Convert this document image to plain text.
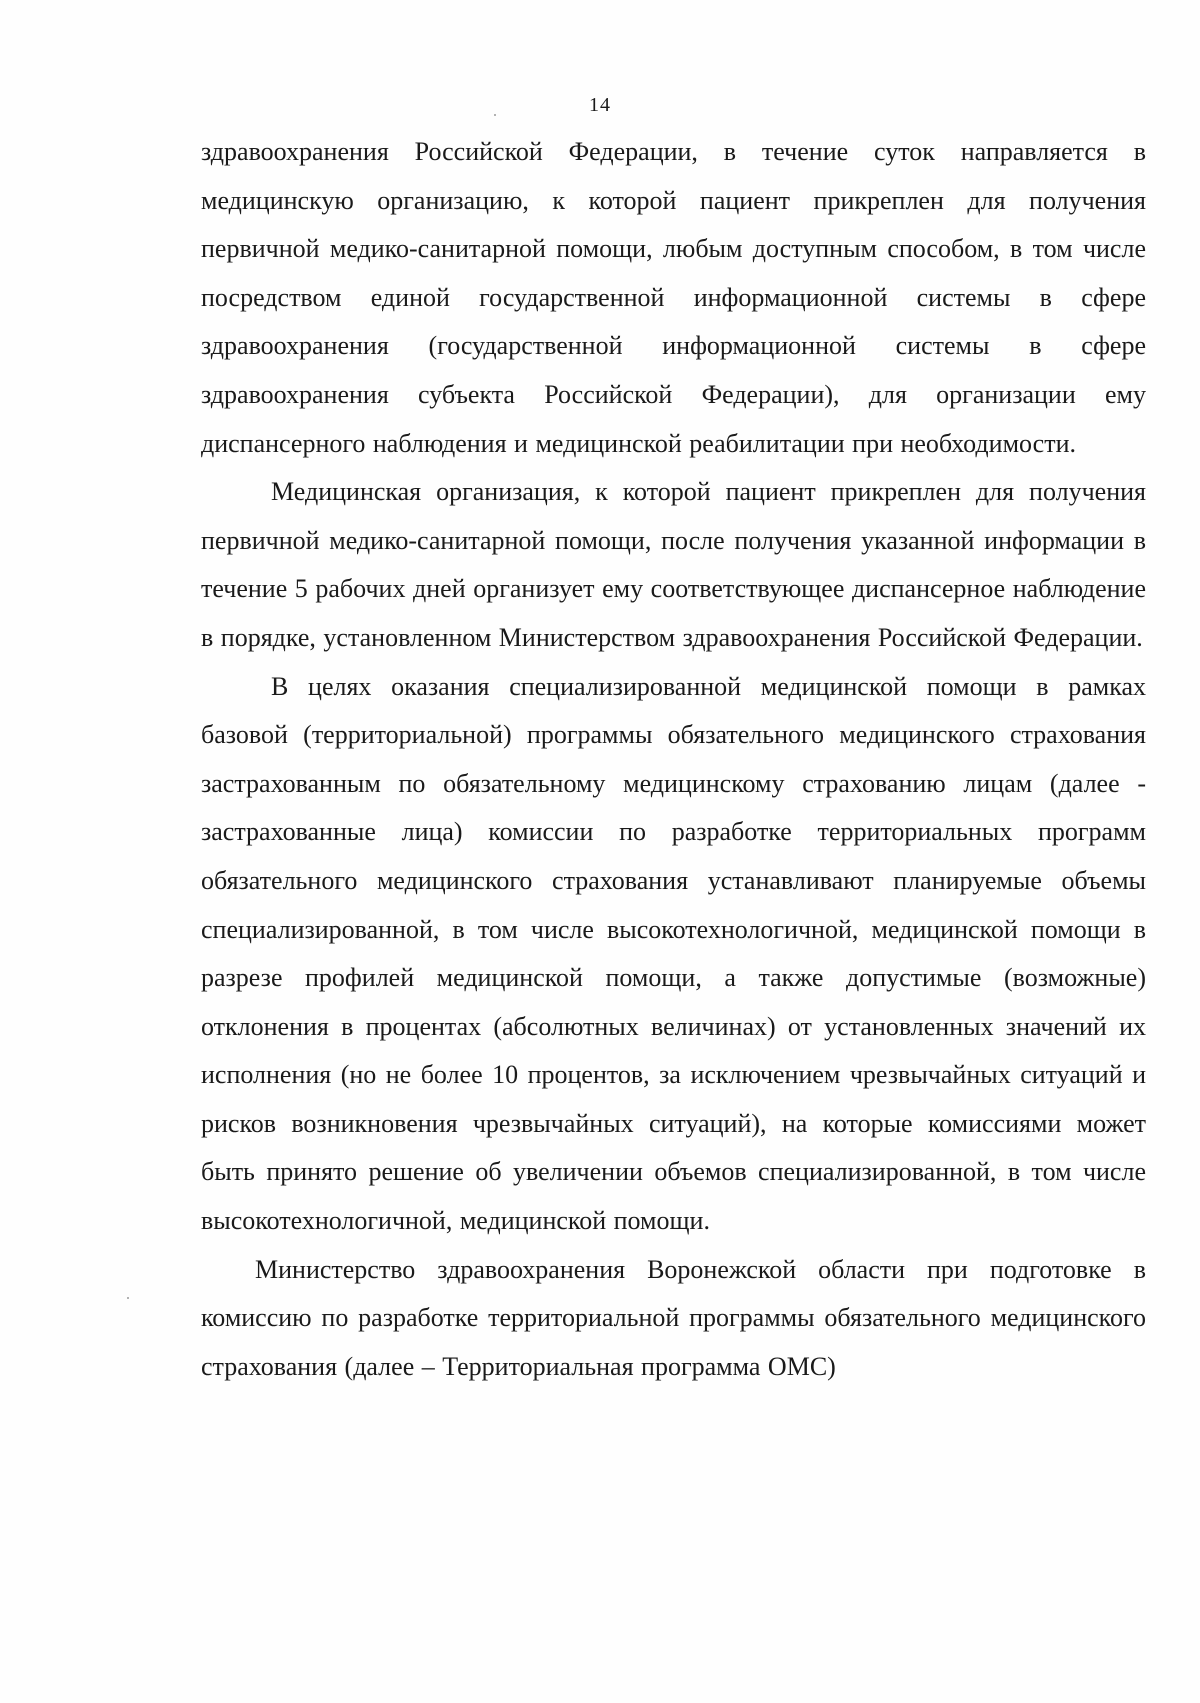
14

здравоохранения Российской Федерации, в течение суток направляется в медицинскую организацию, к которой пациент прикреплен для получения первичной медико-санитарной помощи, любым доступным способом, в том числе посредством единой государственной информационной системы в сфере здравоохранения (государственной информационной системы в сфере здравоохранения субъекта Российской Федерации), для организации ему диспансерного наблюдения и медицинской реабилитации при необходимости.

Медицинская организация, к которой пациент прикреплен для получения первичной медико-санитарной помощи, после получения указанной информации в течение 5 рабочих дней организует ему соответствующее диспансерное наблюдение в порядке, установленном Министерством здравоохранения Российской Федерации.

В целях оказания специализированной медицинской помощи в рамках базовой (территориальной) программы обязательного медицинского страхования застрахованным по обязательному медицинскому страхованию лицам (далее - застрахованные лица) комиссии по разработке территориальных программ обязательного медицинского страхования устанавливают планируемые объемы специализированной, в том числе высокотехнологичной, медицинской помощи в разрезе профилей медицинской помощи, а также допустимые (возможные) отклонения в процентах (абсолютных величинах) от установленных значений их исполнения (но не более 10 процентов, за исключением чрезвычайных ситуаций и рисков возникновения чрезвычайных ситуаций), на которые комиссиями может быть принято решение об увеличении объемов специализированной, в том числе высокотехнологичной, медицинской помощи.

Министерство здравоохранения Воронежской области при подготовке в комиссию по разработке территориальной программы обязательного медицинского страхования (далее – Территориальная программа ОМС)
